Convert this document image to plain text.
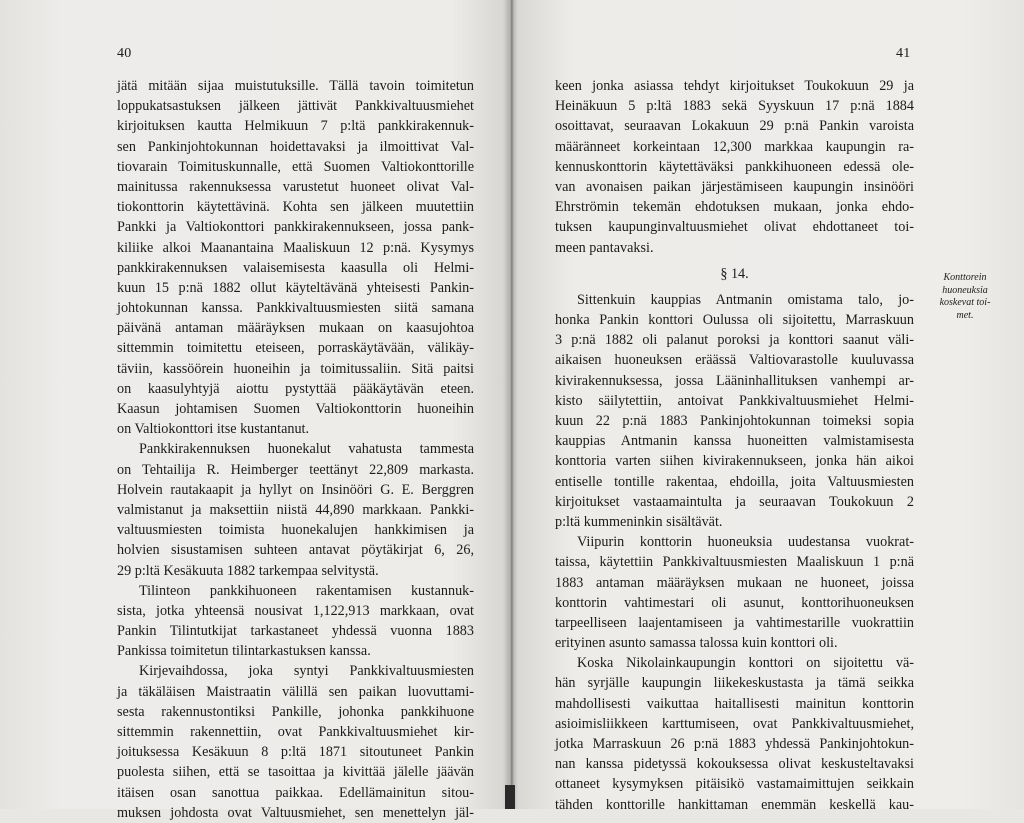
40
jätä mitään sijaa muistutuksille. Tällä tavoin toimitetun
loppukatsastuksen jälkeen jättivät Pankkivaltuusmiehet
kirjoituksen kautta Helmikuun 7 p:ltä pankkirakennuk-
sen Pankinjohtokunnan hoidettavaksi ja ilmoittivat Val-
tiovarain Toimituskunnalle, että Suomen Valtiokonttorille
mainitussa rakennuksessa varustetut huoneet olivat Val-
tiokonttorin käytettävinä. Kohta sen jälkeen muutettiin
Pankki ja Valtiokonttori pankkirakennukseen, jossa pank-
kiliike alkoi Maanantaina Maaliskuun 12 p:nä. Kysymys
pankkirakennuksen valaisemisesta kaasulla oli Helmi-
kuun 15 p:nä 1882 ollut käyteltävänä yhteisesti Pankin-
johtokunnan kanssa. Pankkivaltuusmiesten siitä samana
päivänä antaman määräyksen mukaan on kaasujohtoa
sittemmin toimitettu eteiseen, porraskäytävään, välikäy-
täviin, kassöörein huoneihin ja toimitussaliin. Sitä paitsi
on kaasulyhtyjä aiottu pystyttää pääkäytävän eteen.
Kaasun johtamisen Suomen Valtiokonttorin huoneihin
on Valtiokonttori itse kustantanut.
Pankkirakennuksen huonekalut vahatusta tammesta
on Tehtailija R. Heimberger teettänyt 22,809 markasta.
Holvein rautakaapit ja hyllyt on Insinööri G. E. Berggren
valmistanut ja maksettiin niistä 44,890 markkaan. Pankki-
valtuusmiesten toimista huonekalujen hankkimisen ja
holvien sisustamisen suhteen antavat pöytäkirjat 6, 26,
29 p:ltä Kesäkuuta 1882 tarkempaa selvitystä.
Tilinteon pankkihuoneen rakentamisen kustannuk-
sista, jotka yhteensä nousivat 1,122,913 markkaan, ovat
Pankin Tilintutkijat tarkastaneet yhdessä vuonna 1883
Pankissa toimitetun tilintarkastuksen kanssa.
Kirjevaihdossa, joka syntyi Pankkivaltuusmiesten
ja täkäläisen Maistraatin välillä sen paikan luovuttami-
sesta rakennustontiksi Pankille, johonka pankkihuone
sittemmin rakennettiin, ovat Pankkivaltuusmiehet kir-
joituksessa Kesäkuun 8 p:ltä 1871 sitoutuneet Pankin
puolesta siihen, että se tasoittaa ja kivittää jälelle jäävän
itäisen osan sanottua paikkaa. Edellämainitun sitou-
muksen johdosta ovat Valtuusmiehet, sen menettelyn jäl-
41
keen jonka asiassa tehdyt kirjoitukset Toukokuun 29 ja
Heinäkuun 5 p:ltä 1883 sekä Syyskuun 17 p:nä 1884
osoittavat, seuraavan Lokakuun 29 p:nä Pankin varoista
määränneet korkeintaan 12,300 markkaa kaupungin ra-
kennuskonttorin käytettäväksi pankkihuoneen edessä ole-
van avonaisen paikan järjestämiseen kaupungin insinööri
Ehrströmin tekemän ehdotuksen mukaan, jonka ehdo-
tuksen kaupunginvaltuusmiehet olivat ehdottaneet toi-
meen pantavaksi.
§ 14.
Sittenkuin kauppias Antmanin omistama talo, jo-
honka Pankin konttori Oulussa oli sijoitettu, Marraskuun
3 p:nä 1882 oli palanut poroksi ja konttori saanut väli-
aikaisen huoneuksen eräässä Valtiovarastolle kuuluvassa
kivirakennuksessa, jossa Lääninhallituksen vanhempi ar-
kisto säilytettiin, antoivat Pankkivaltuusmiehet Helmi-
kuun 22 p:nä 1883 Pankinjohtokunnan toimeksi sopia
kauppias Antmanin kanssa huoneitten valmistamisesta
konttoria varten siihen kivirakennukseen, jonka hän aikoi
entiselle tontille rakentaa, ehdoilla, joita Valtuusmiesten
kirjoitukset vastaamaintulta ja seuraavan Toukokuun 2
p:ltä kummeninkin sisältävät.
Viipurin konttorin huoneuksia uudestansa vuokrat-
taissa, käytettiin Pankkivaltuusmiesten Maaliskuun 1 p:nä
1883 antaman määräyksen mukaan ne huoneet, joissa
konttorin vahtimestari oli asunut, konttorihuoneuksen
tarpeelliseen laajentamiseen ja vahtimestarille vuokrattiin
erityinen asunto samassa talossa kuin konttori oli.
Koska Nikolainkaupungin konttori on sijoitettu vä-
hän syrjälle kaupungin liikekeskustasta ja tämä seikka
mahdollisesti vaikuttaa haitallisesti mainitun konttorin
asioimisliikkeen karttumiseen, ovat Pankkivaltuusmiehet,
jotka Marraskuun 26 p:nä 1883 yhdessä Pankinjohtokun-
nan kanssa pidetyssä kokouksessa olivat keskusteltavaksi
ottaneet kysymyksen pitäisikö vastamaimittujen seikkain
tähden konttorille hankittaman enemmän keskellä kau-
Konttorein
huoneuksia
koskevat toi-
met.
